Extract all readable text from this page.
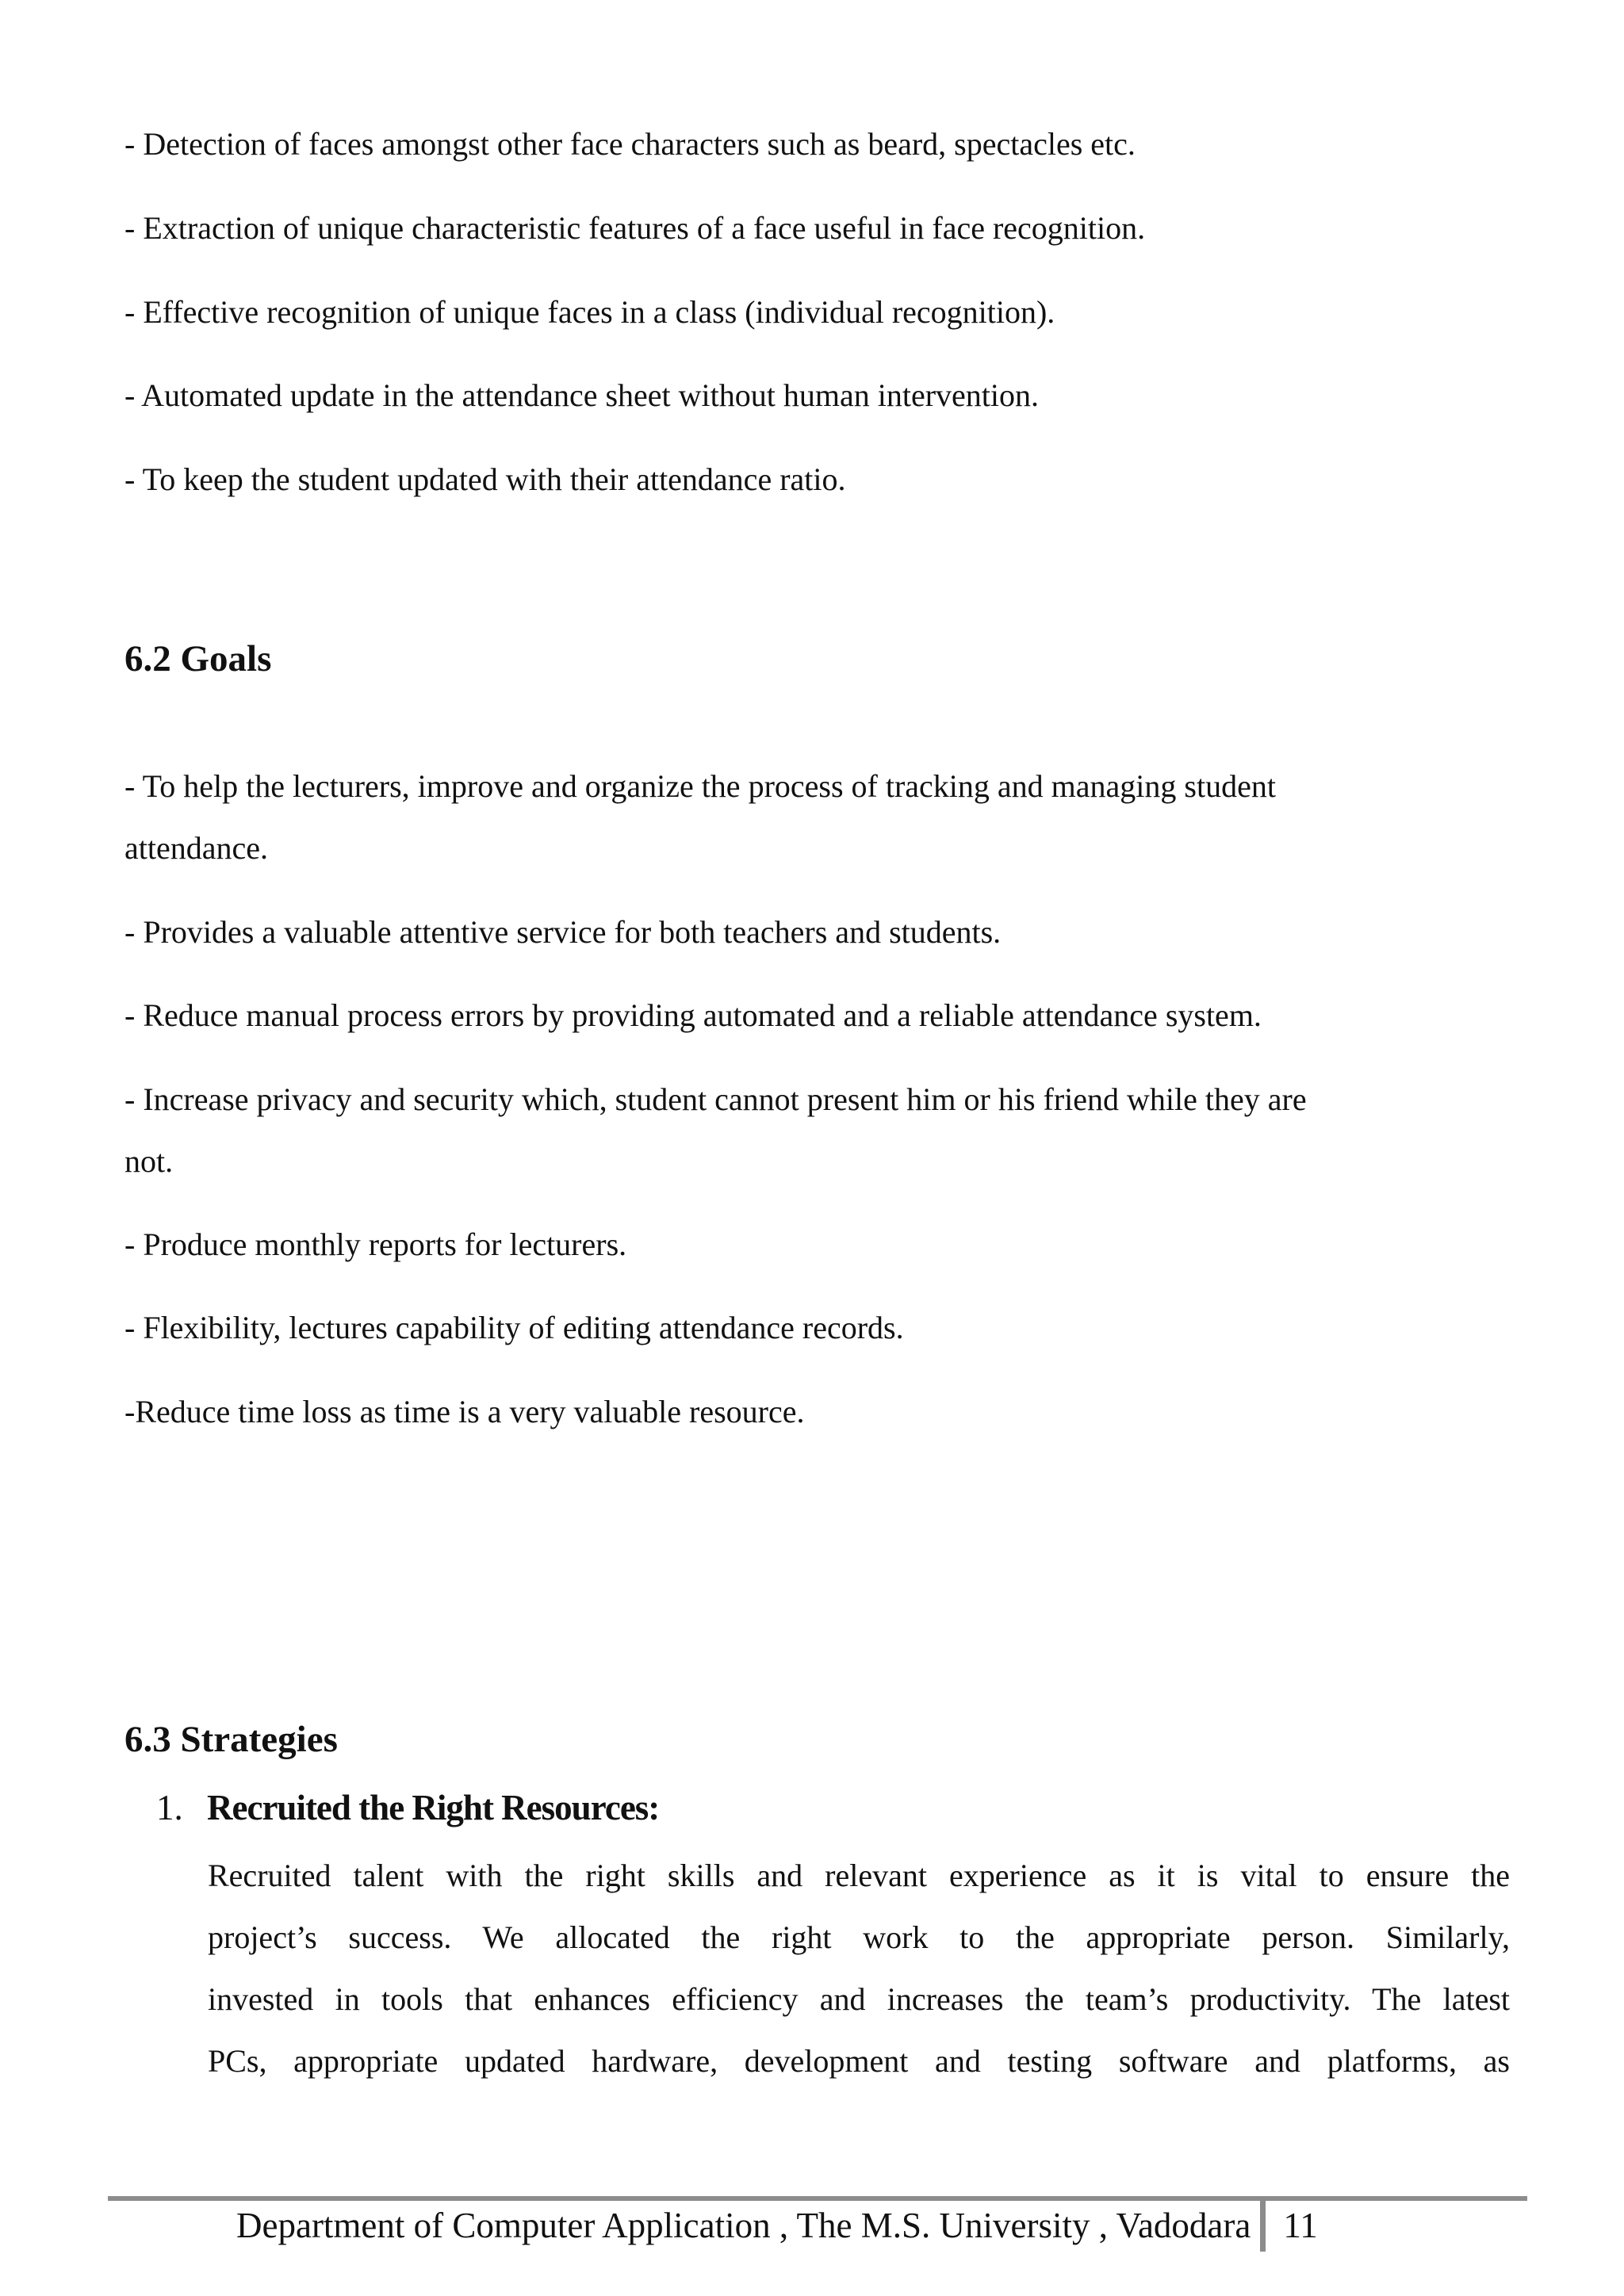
- Detection of faces amongst other face characters such as beard, spectacles etc.
- Extraction of unique characteristic features of a face useful in face recognition.
- Effective recognition of unique faces in a class (individual recognition).
- Automated update in the attendance sheet without human intervention.
- To keep the student updated with their attendance ratio.
6.2 Goals
- To help the lecturers, improve and organize the process of tracking and managing student
attendance.
- Provides a valuable attentive service for both teachers and students.
- Reduce manual process errors by providing automated and a reliable attendance system.
- Increase privacy and security which, student cannot present him or his friend while they are
not.
- Produce monthly reports for lecturers.
- Flexibility, lectures capability of editing attendance records.
-Reduce time loss as time is a very valuable resource.
6.3 Strategies
1. Recruited the Right Resources:
Recruited talent with the right skills and relevant experience as it is vital to ensure the
project’s success. We allocated the right work to the appropriate person. Similarly,
invested in tools that enhances efficiency and increases the team’s productivity. The latest
PCs, appropriate updated hardware, development and testing software and platforms, as
Department of Computer Application , The M.S. University , Vadodara 11
